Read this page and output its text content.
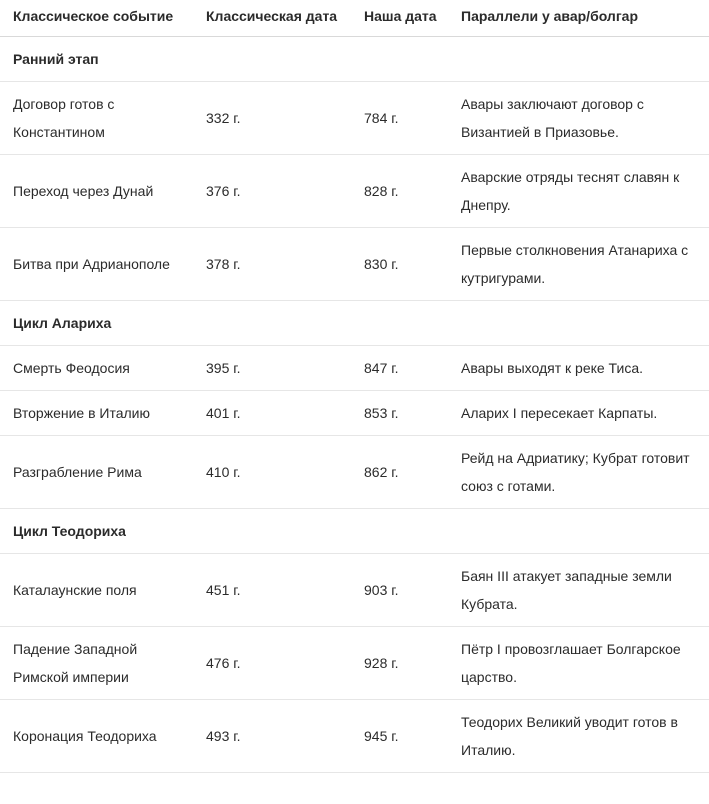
Классическое событие	Классическая дата	Наша дата	Параллели у авар/болгар
Ранний этап			
Договор готов с Константином	332 г.	784 г.	Авары заключают договор с Византией в Приазовье.
Переход через Дунай	376 г.	828 г.	Аварские отряды теснят славян к Днепру.
Битва при Адрианополе	378 г.	830 г.	Первые столкновения Атанариха с кутригурами.
Цикл Алариха			
Смерть Феодосия	395 г.	847 г.	Авары выходят к реке Тиса.
Вторжение в Италию	401 г.	853 г.	Аларих I пересекает Карпаты.
Разграбление Рима	410 г.	862 г.	Рейд на Адриатику; Кубрат готовит союз с готами.
Цикл Теодориха			
Каталаунские поля	451 г.	903 г.	Баян III атакует западные земли Кубрата.
Падение Западной Римской империи	476 г.	928 г.	Пётр I провозглашает Болгарское царство.
Коронация Теодориха	493 г.	945 г.	Теодорих Великий уводит готов в Италию.
